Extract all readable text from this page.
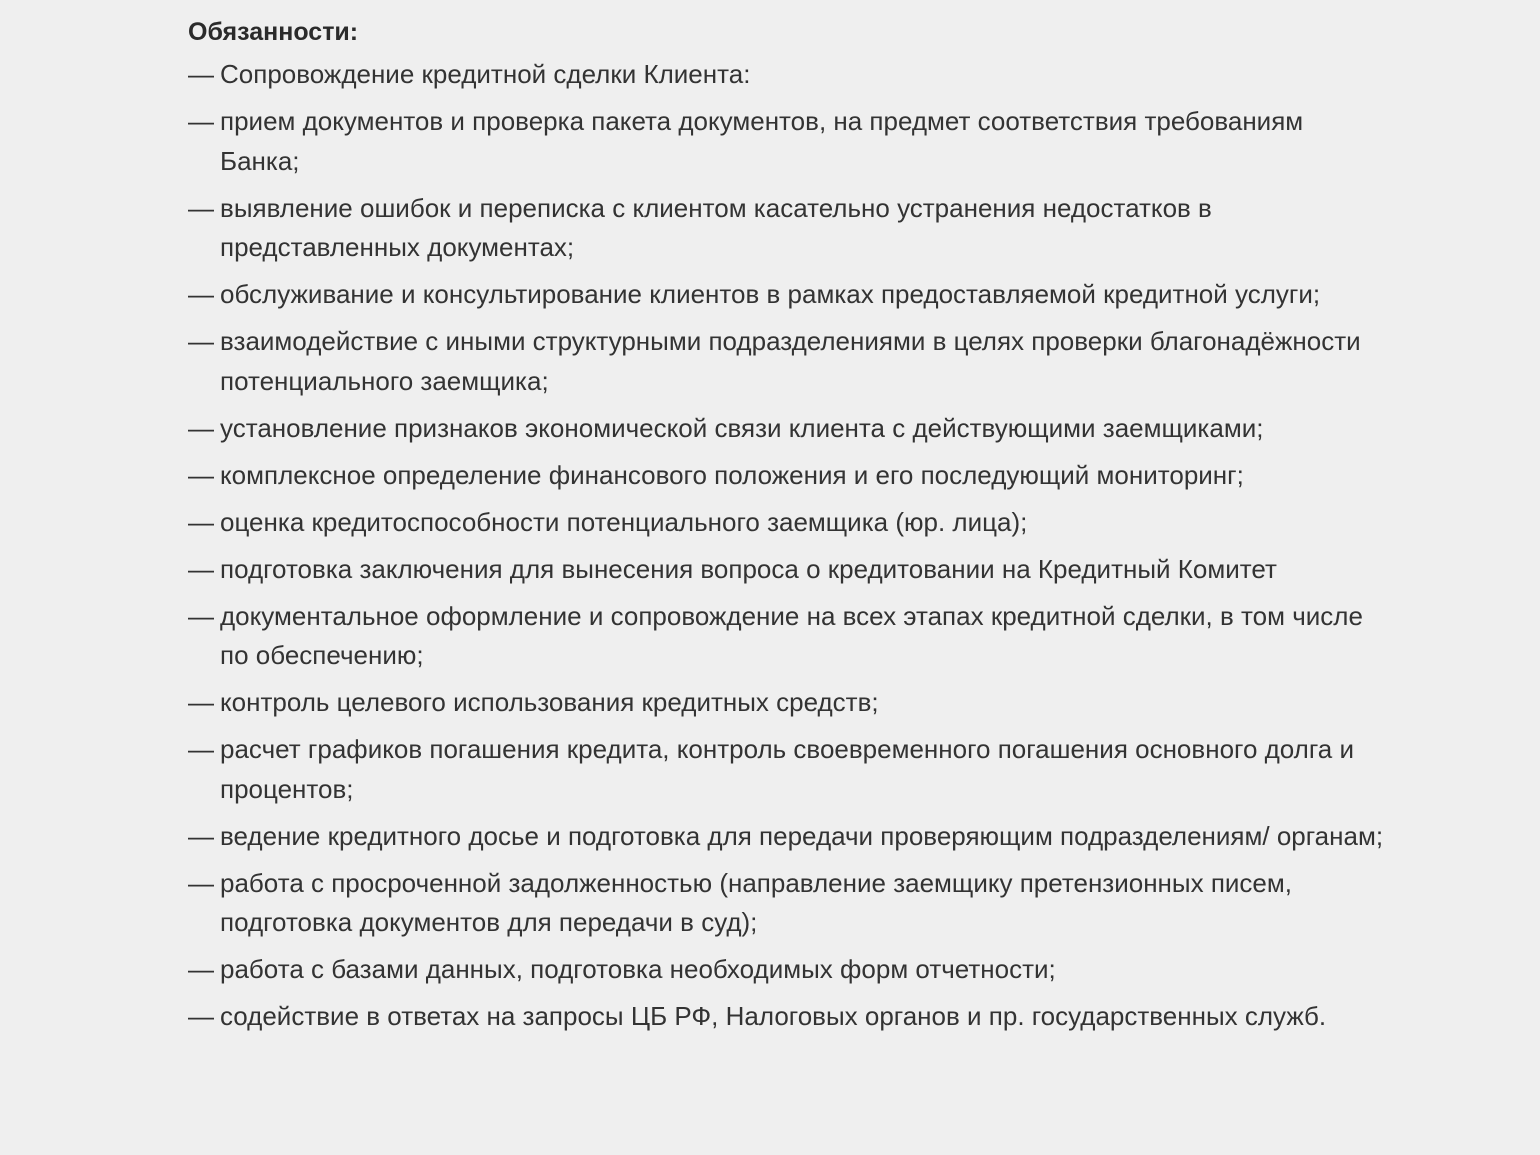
Обязанности:
— Сопровождение кредитной сделки Клиента:
— прием документов и проверка пакета документов, на предмет соответствия требованиям Банка;
— выявление ошибок и переписка с клиентом касательно устранения недостатков в представленных документах;
— обслуживание и консультирование клиентов в рамках предоставляемой кредитной услуги;
— взаимодействие с иными структурными подразделениями в целях проверки благонадёжности потенциального заемщика;
— установление признаков экономической связи клиента с действующими заемщиками;
— комплексное определение финансового положения и его последующий мониторинг;
— оценка кредитоспособности потенциального заемщика (юр. лица);
— подготовка заключения для вынесения вопроса о кредитовании на Кредитный Комитет
— документальное оформление и сопровождение на всех этапах кредитной сделки, в том числе по обеспечению;
— контроль целевого использования кредитных средств;
— расчет графиков погашения кредита, контроль своевременного погашения основного долга и процентов;
— ведение кредитного досье и подготовка для передачи проверяющим подразделениям/ органам;
— работа с просроченной задолженностью (направление заемщику претензионных писем, подготовка документов для передачи в суд);
— работа с базами данных, подготовка необходимых форм отчетности;
— содействие в ответах на запросы ЦБ РФ, Налоговых органов и пр. государственных служб.
